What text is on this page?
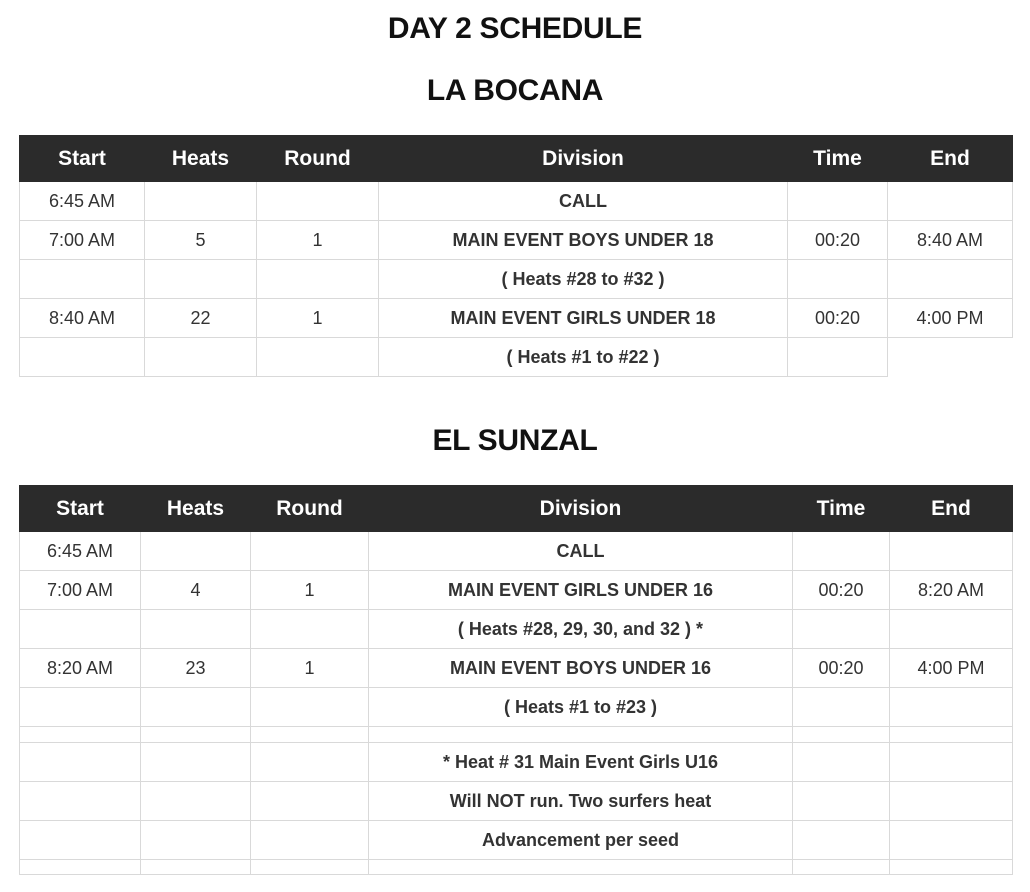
DAY 2 SCHEDULE
LA BOCANA
Start	Heats	Round	Division	Time	End
6:45 AM			CALL		
7:00 AM	5	1	MAIN EVENT BOYS UNDER 18	00:20	8:40 AM
			( Heats #28 to #32 )		
8:40 AM	22	1	MAIN EVENT GIRLS UNDER 18	00:20	4:00 PM
			( Heats #1 to #22 )		
EL SUNZAL
Start	Heats	Round	Division	Time	End
6:45 AM			CALL		
7:00 AM	4	1	MAIN EVENT GIRLS UNDER 16	00:20	8:20 AM
			( Heats #28, 29, 30, and 32 ) *		
8:20 AM	23	1	MAIN EVENT BOYS UNDER 16	00:20	4:00 PM
			( Heats #1 to #23 )		

			* Heat # 31 Main Event Girls U16		
			Will NOT run. Two surfers heat		
			Advancement per seed		
